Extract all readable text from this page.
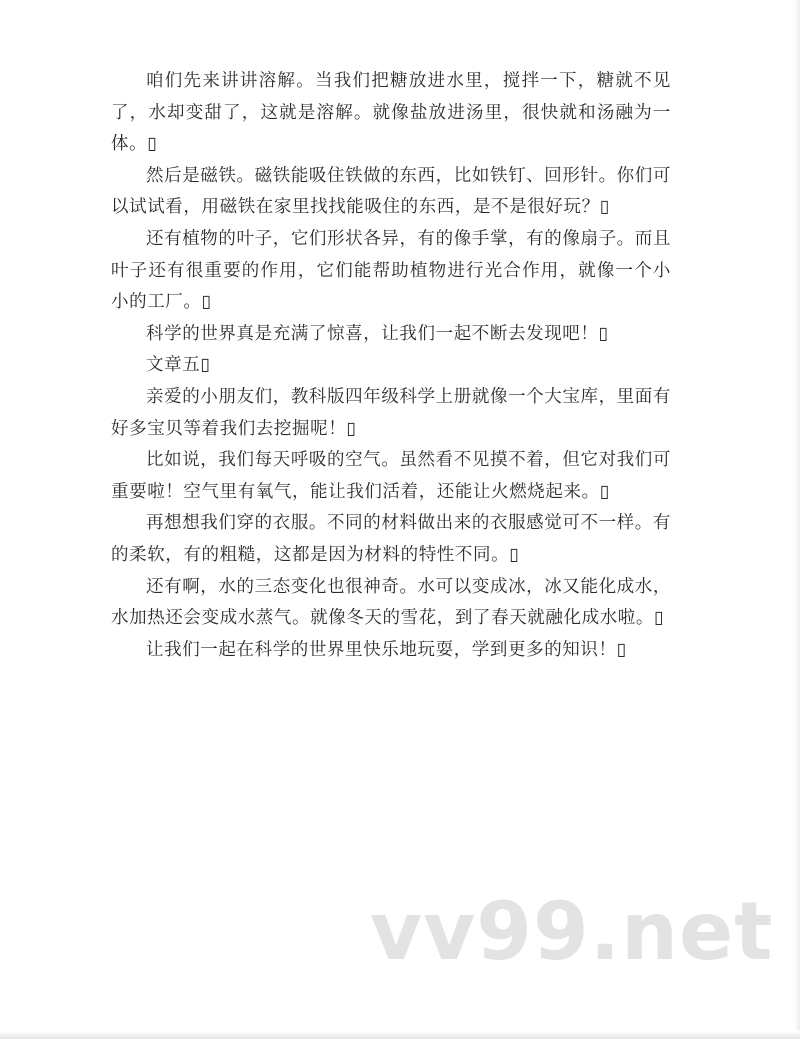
咱们先来讲讲溶解。当我们把糖放进水里，搅拌一下，糖就不见了，水却变甜了，这就是溶解。就像盐放进汤里，很快就和汤融为一体。▯

然后是磁铁。磁铁能吸住铁做的东西，比如铁钉、回形针。你们可以试试看，用磁铁在家里找找能吸住的东西，是不是很好玩？▯

还有植物的叶子，它们形状各异，有的像手掌，有的像扇子。而且叶子还有很重要的作用，它们能帮助植物进行光合作用，就像一个小小的工厂。▯

科学的世界真是充满了惊喜，让我们一起不断去发现吧！▯

文章五▯

亲爱的小朋友们，教科版四年级科学上册就像一个大宝库，里面有好多宝贝等着我们去挖掘呢！▯

比如说，我们每天呼吸的空气。虽然看不见摸不着，但它对我们可重要啦！空气里有氧气，能让我们活着，还能让火燃烧起来。▯

再想想我们穿的衣服。不同的材料做出来的衣服感觉可不一样。有的柔软，有的粗糙，这都是因为材料的特性不同。▯

还有啊，水的三态变化也很神奇。水可以变成冰，冰又能化成水，水加热还会变成水蒸气。就像冬天的雪花，到了春天就融化成水啦。▯

让我们一起在科学的世界里快乐地玩耍，学到更多的知识！▯

vv99.net
